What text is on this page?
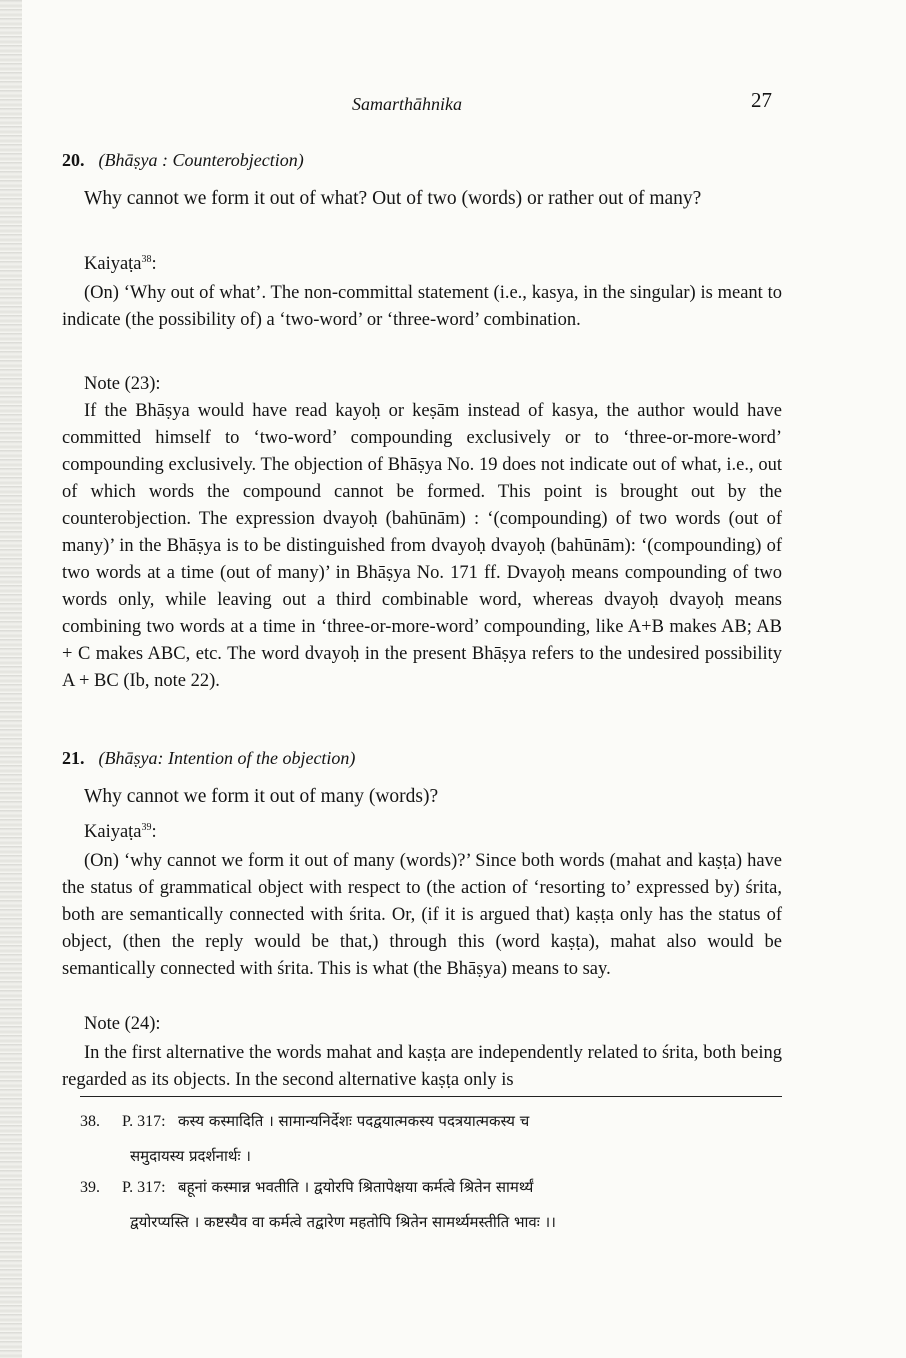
Samarthāhnika	27
20. (Bhāṣya : Counterobjection)

Why cannot we form it out of what? Out of two (words) or rather out of many?

Kaiyaṭa$^{38}$:

(On) ‘Why out of what’. The non-committal statement (i.e., kasya, in the singular) is meant to indicate (the possibility of) a ‘two-word’ or ‘three-word’ combination.

Note (23):

If the Bhāṣya would have read kayoḥ or keṣām instead of kasya, the author would have committed himself to ‘two-word’ compounding exclusively or to ‘three-or-more-word’ compounding exclusively. The objection of Bhāṣya No. 19 does not indicate out of what, i.e., out of which words the compound cannot be formed. This point is brought out by the counterobjection. The expression dvayoḥ (bahūnām) : ‘(compounding) of two words (out of many)’ in the Bhāṣya is to be distinguished from dvayoḥ dvayoḥ (bahūnām): ‘(compounding) of two words at a time (out of many)’ in Bhāṣya No. 171 ff. Dvayoḥ means compounding of two words only, while leaving out a third combinable word, whereas dvayoḥ dvayoḥ means combining two words at a time in ‘three-or-more-word’ compounding, like A+B makes AB; AB + C makes ABC, etc. The word dvayoḥ in the present Bhāṣya refers to the undesired possibility A + BC (Ib, note 22).

21. (Bhāṣya: Intention of the objection)

Why cannot we form it out of many (words)?

Kaiyaṭa$^{39}$:

(On) ‘why cannot we form it out of many (words)?’ Since both words (mahat and kaṣṭa) have the status of grammatical object with respect to (the action of ‘resorting to’ expressed by) śrita, both are semantically connected with śrita. Or, (if it is argued that) kaṣṭa only has the status of object, (then the reply would be that,) through this (word kaṣṭa), mahat also would be semantically connected with śrita. This is what (the Bhāṣya) means to say.

Note (24):

In the first alternative the words mahat and kaṣṭa are independently related to śrita, both being regarded as its objects. In the second alternative kaṣṭa only is

38. P. 317: कस्य कस्मादिति । सामान्यनिर्देशः पदद्वयात्मकस्य पदत्रयात्मकस्य च
समुदायस्य प्रदर्शनार्थः ।
39. P. 317: बहूनां कस्मान्न भवतीति । द्वयोरपि श्रितापेक्षया कर्मत्वे श्रितेन सामर्थ्यं
द्वयोरप्यस्ति । कष्टस्यैव वा कर्मत्वे तद्वारेण महतोपि श्रितेन सामर्थ्यमस्तीति भावः ।।
